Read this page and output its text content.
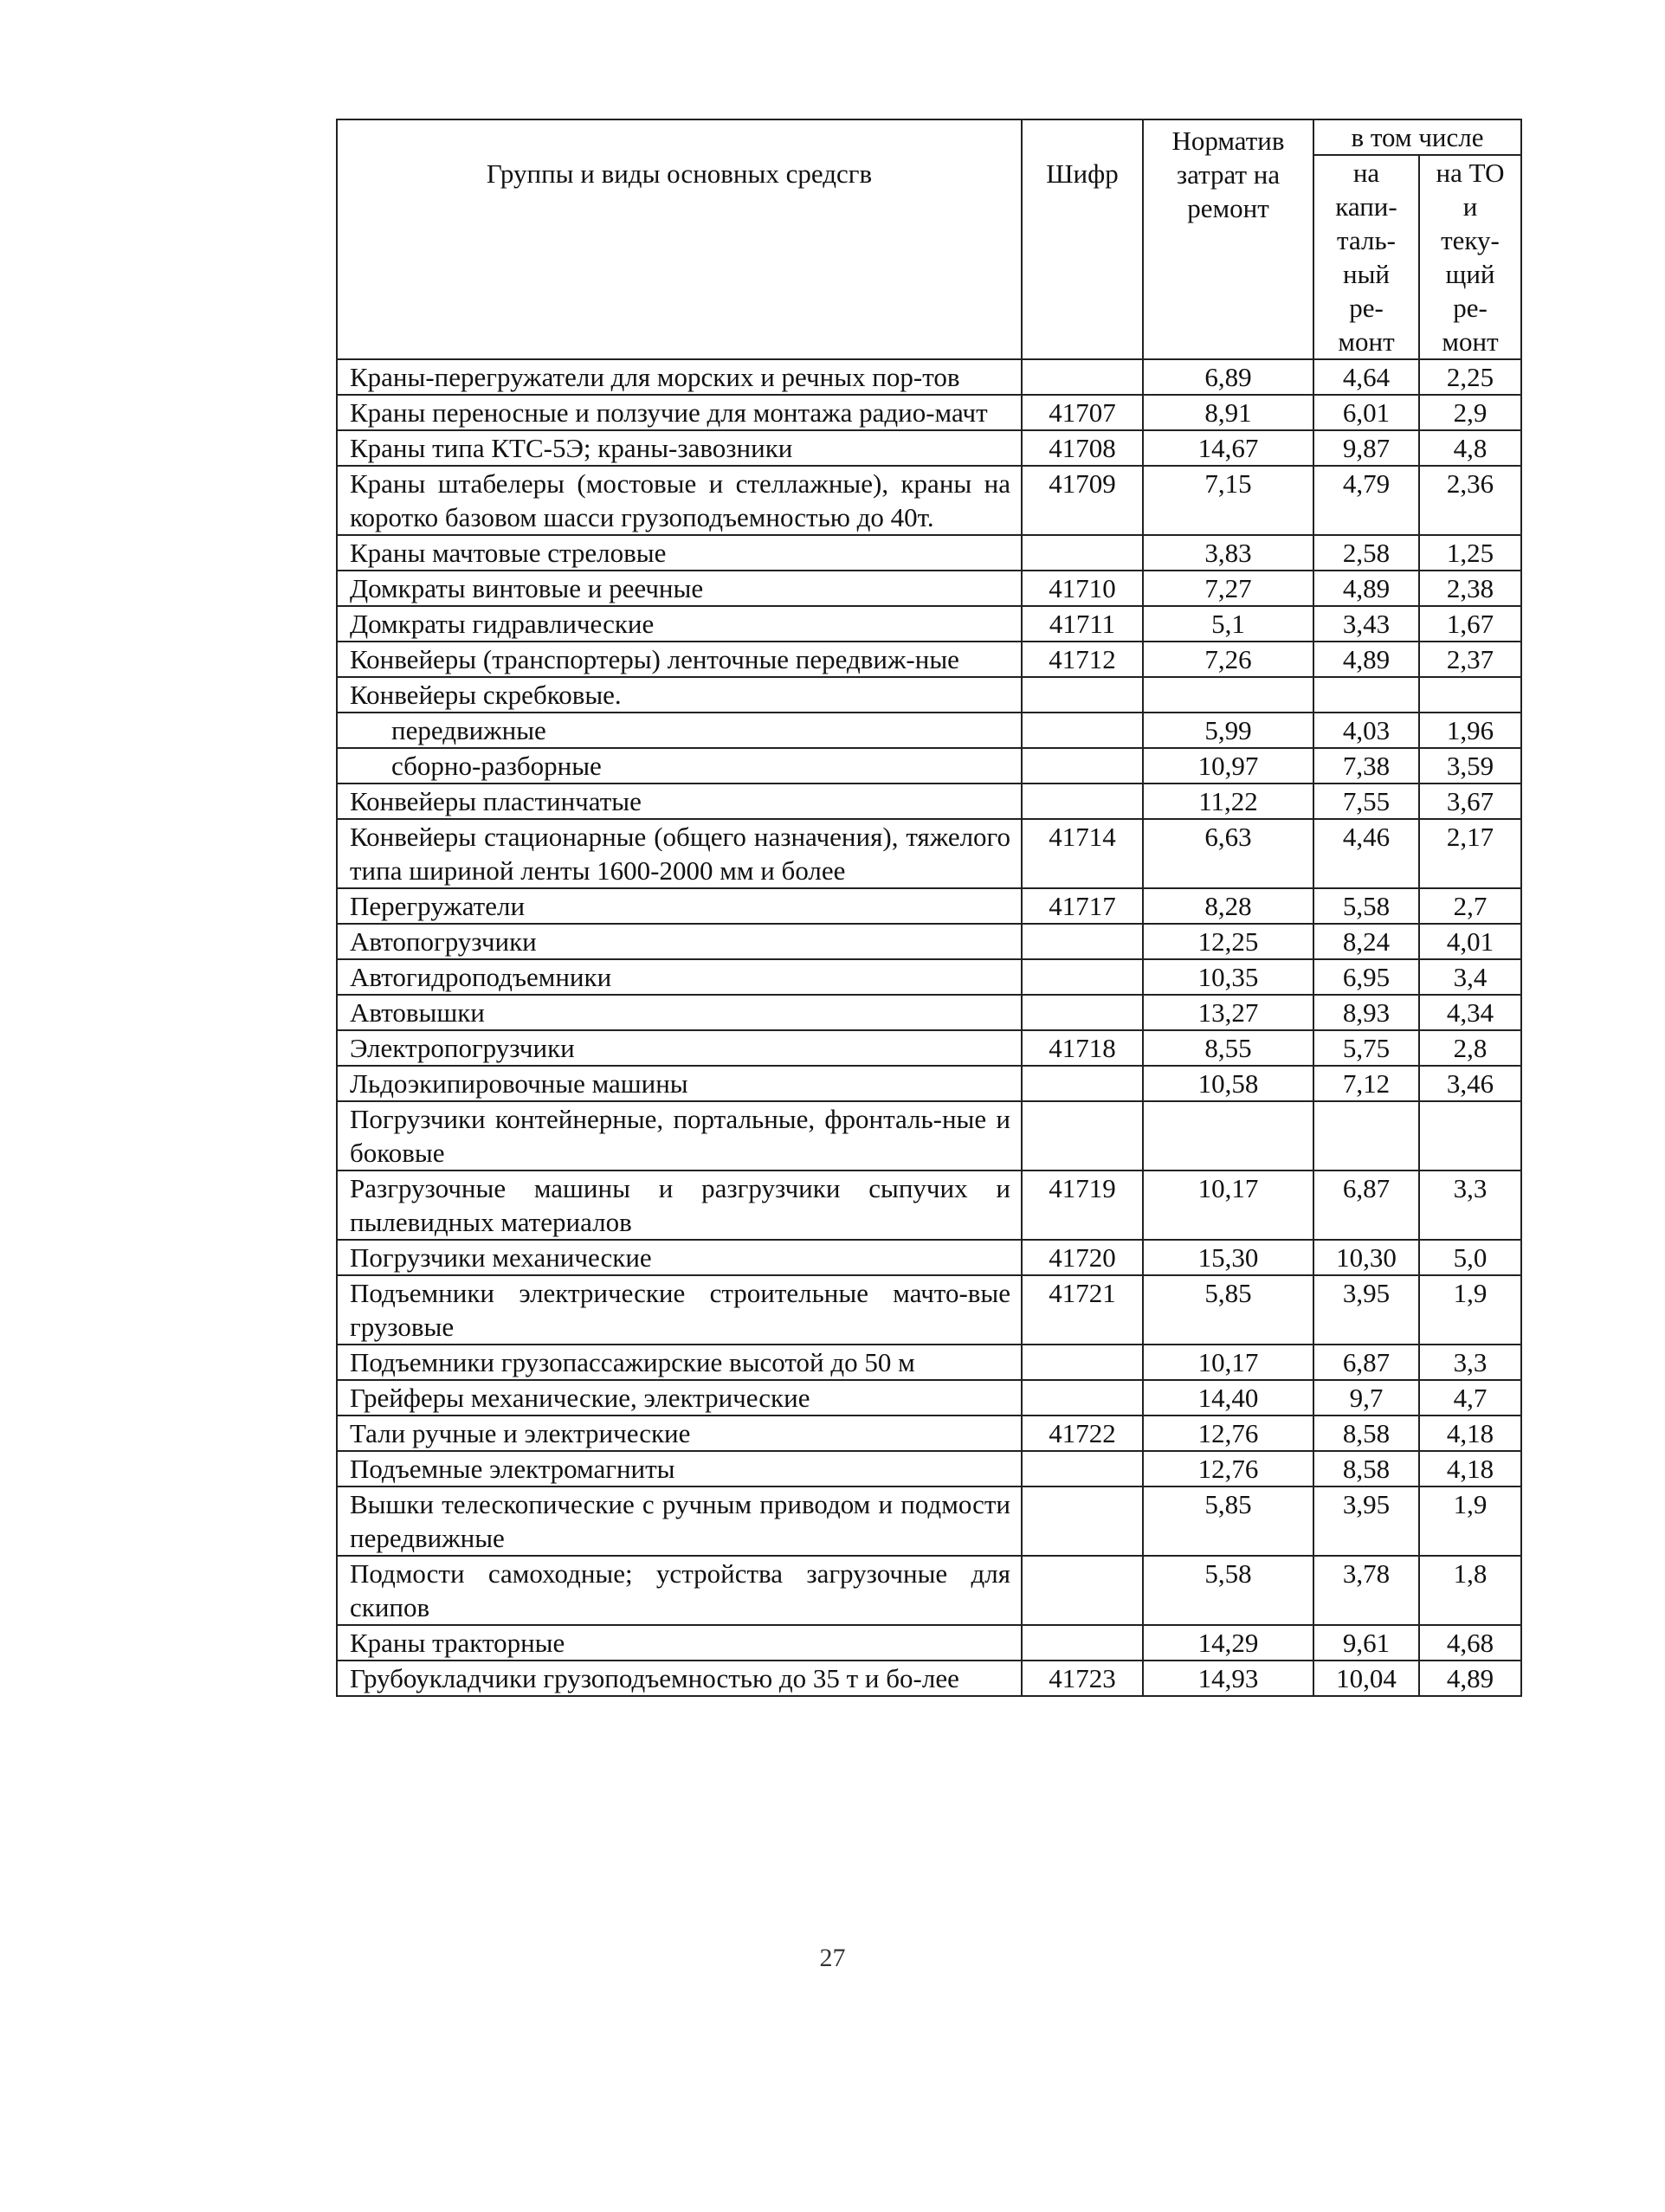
Группы и виды основных средсгв	Шифр	Норматив затрат на ремонт	в том числе	
			на капи-таль-ный ре-монт	на ТО и теку-щий ре-монт
Краны-перегружатели для морских и речных пор-тов		6,89	4,64	2,25
Краны переносные и ползучие для монтажа радио-мачт	41707	8,91	6,01	2,9
Краны типа КТС-5Э; краны-завозники	41708	14,67	9,87	4,8
Краны штабелеры (мостовые и стеллажные), краны на коротко базовом шасси грузоподъемностью до 40т.	41709	7,15	4,79	2,36
Краны мачтовые стреловые		3,83	2,58	1,25
Домкраты винтовые и реечные	41710	7,27	4,89	2,38
Домкраты гидравлические	41711	5,1	3,43	1,67
Конвейеры (транспортеры) ленточные передвиж-ные	41712	7,26	4,89	2,37
Конвейеры скребковые.				
передвижные		5,99	4,03	1,96
сборно-разборные		10,97	7,38	3,59
Конвейеры пластинчатые		11,22	7,55	3,67
Конвейеры стационарные (общего назначения), тяжелого типа шириной ленты 1600-2000 мм и более	41714	6,63	4,46	2,17
Перегружатели	41717	8,28	5,58	2,7
Автопогрузчики		12,25	8,24	4,01
Автогидроподъемники		10,35	6,95	3,4
Автовышки		13,27	8,93	4,34
Электропогрузчики	41718	8,55	5,75	2,8
Льдоэкипировочные машины		10,58	7,12	3,46
Погрузчики контейнерные, портальные, фронталь-ные и боковые				
Разгрузочные машины и разгрузчики сыпучих и пылевидных материалов	41719	10,17	6,87	3,3
Погрузчики механические	41720	15,30	10,30	5,0
Подъемники электрические строительные мачто-вые грузовые	41721	5,85	3,95	1,9
Подъемники грузопассажирские высотой до 50 м		10,17	6,87	3,3
Грейферы механические, электрические		14,40	9,7	4,7
Тали ручные и электрические	41722	12,76	8,58	4,18
Подъемные электромагниты		12,76	8,58	4,18
Вышки телескопические с ручным приводом и подмости передвижные		5,85	3,95	1,9
Подмости самоходные; устройства загрузочные для скипов		5,58	3,78	1,8
Краны тракторные		14,29	9,61	4,68
Грубоукладчики грузоподъемностью до 35 т и бо-лее	41723	14,93	10,04	4,89
27
